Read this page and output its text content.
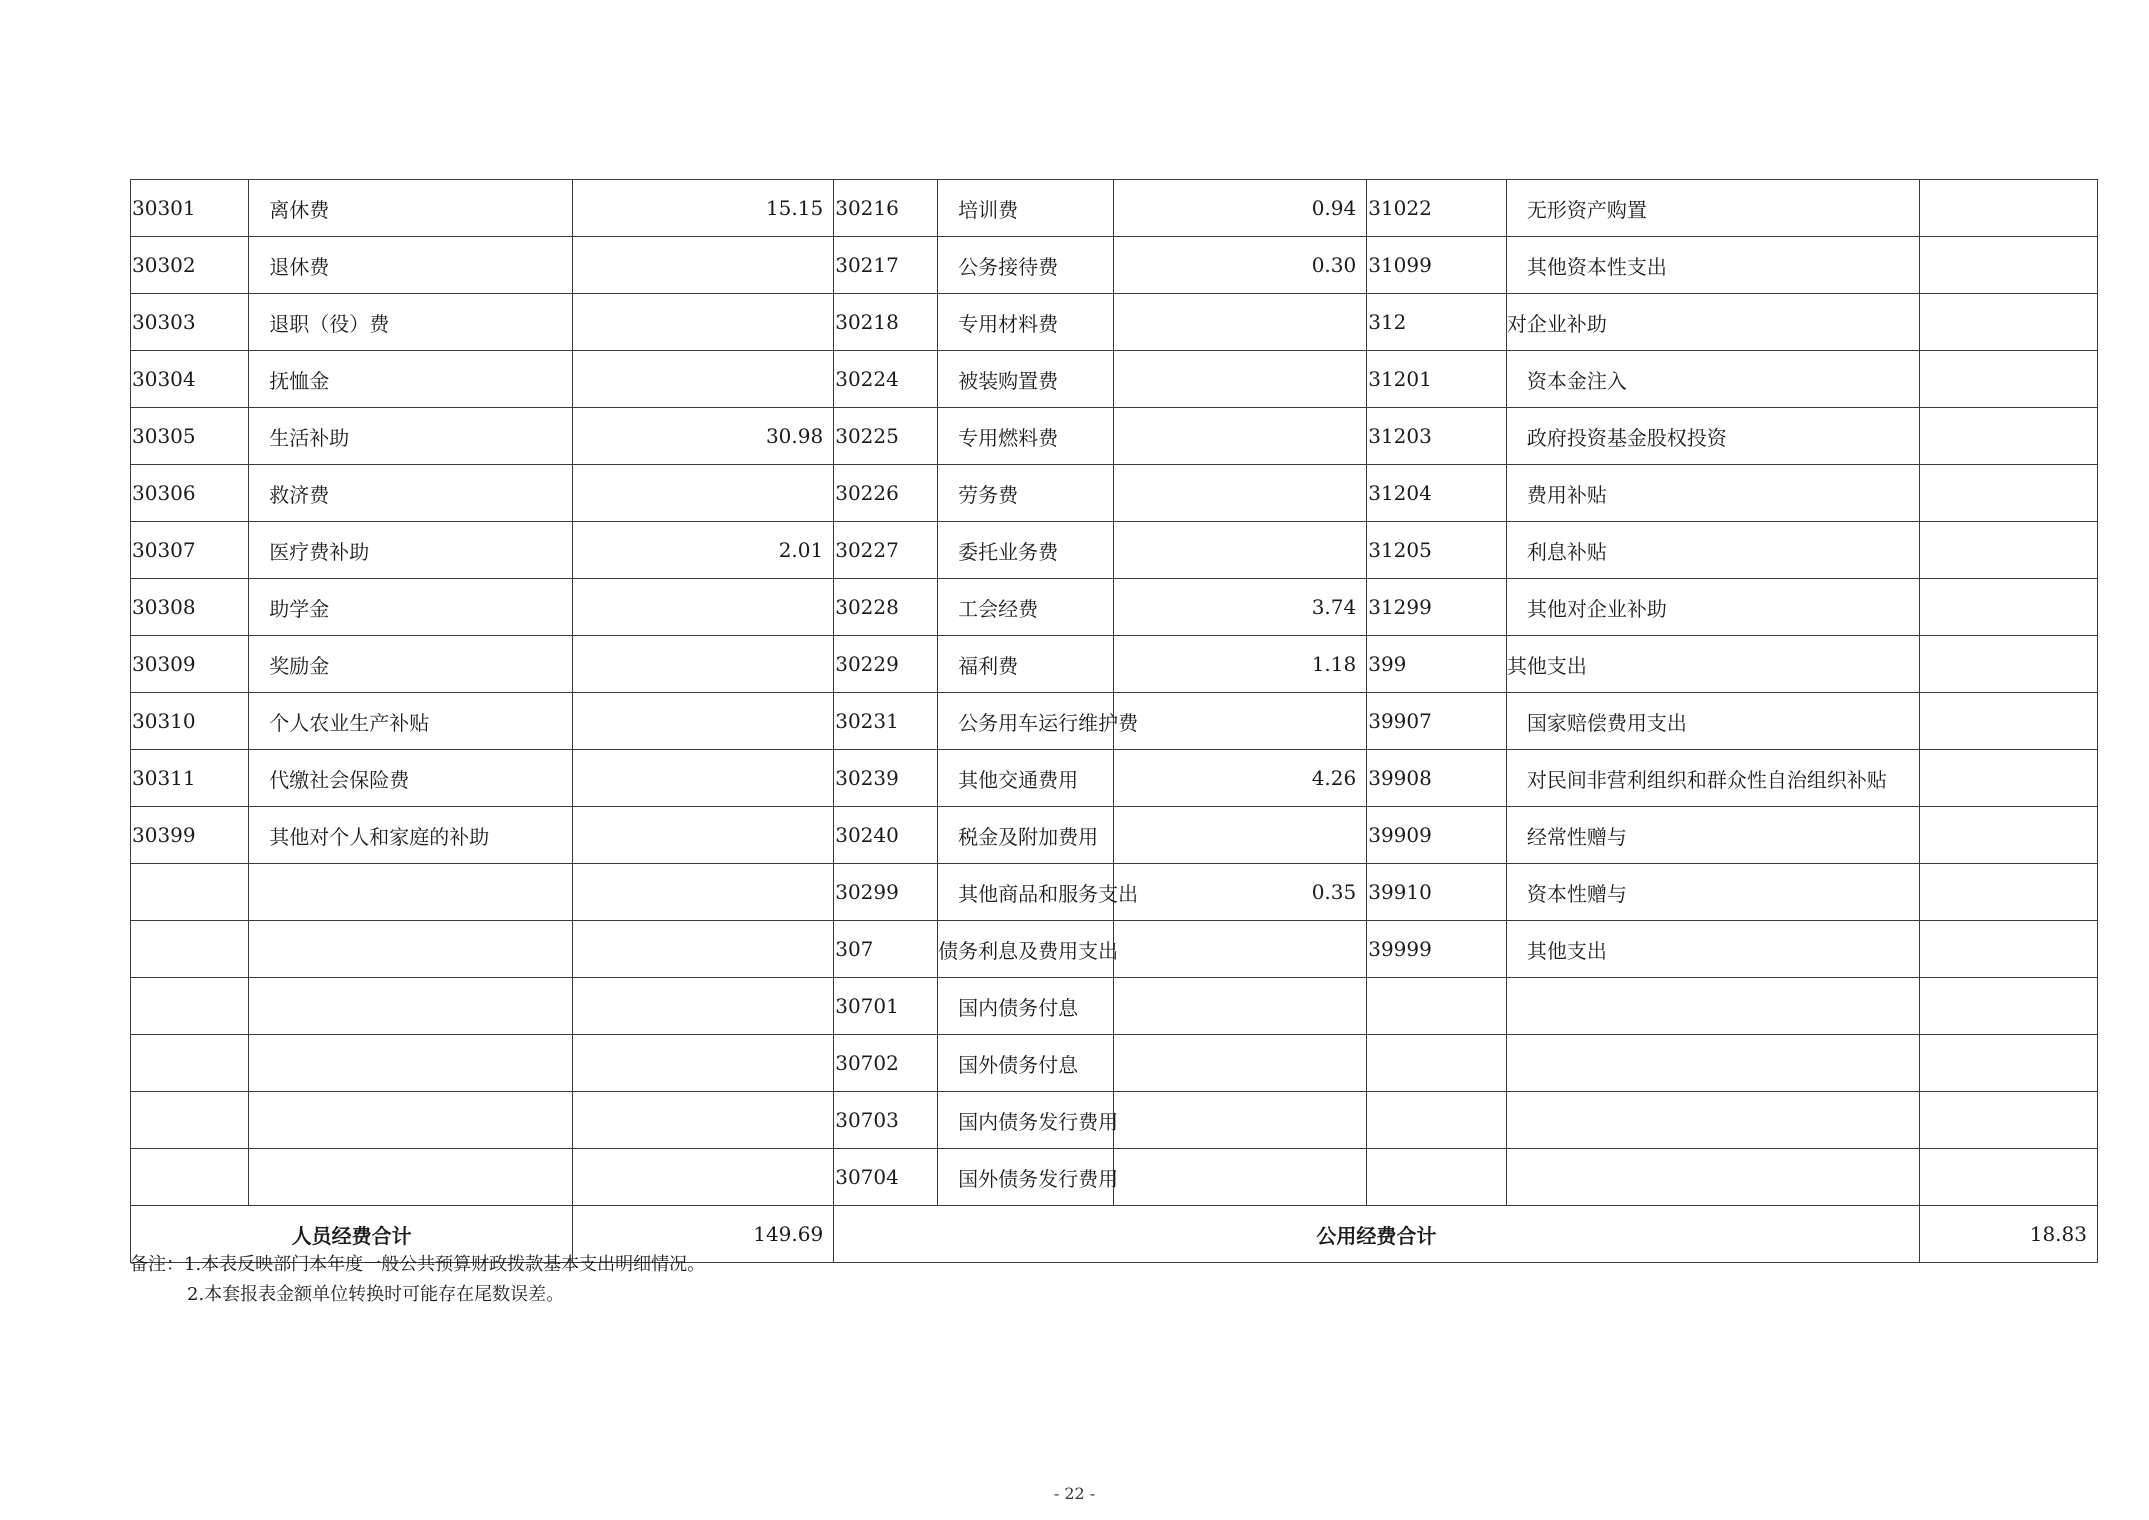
30301	离休费	15.15	30216	培训费	0.94	31022	无形资产购置	
30302	退休费		30217	公务接待费	0.30	31099	其他资本性支出	
30303	退职（役）费		30218	专用材料费		312	对企业补助	
30304	抚恤金		30224	被装购置费		31201	资本金注入	
30305	生活补助	30.98	30225	专用燃料费		31203	政府投资基金股权投资	
30306	救济费		30226	劳务费		31204	费用补贴	
30307	医疗费补助	2.01	30227	委托业务费		31205	利息补贴	
30308	助学金		30228	工会经费	3.74	31299	其他对企业补助	
30309	奖励金		30229	福利费	1.18	399	其他支出	
30310	个人农业生产补贴		30231	公务用车运行维护费		39907	国家赔偿费用支出	
30311	代缴社会保险费		30239	其他交通费用	4.26	39908	对民间非营利组织和群众性自治组织补贴	
30399	其他对个人和家庭的补助		30240	税金及附加费用		39909	经常性赠与	
			30299	其他商品和服务支出	0.35	39910	资本性赠与	
			307	债务利息及费用支出		39999	其他支出	
			30701	国内债务付息				
			30702	国外债务付息				
			30703	国内债务发行费用				
			30704	国外债务发行费用				
人员经费合计		149.69	公用经费合计					18.83
备注：1.本表反映部门本年度一般公共预算财政拨款基本支出明细情况。
2.本套报表金额单位转换时可能存在尾数误差。
- 22 -
